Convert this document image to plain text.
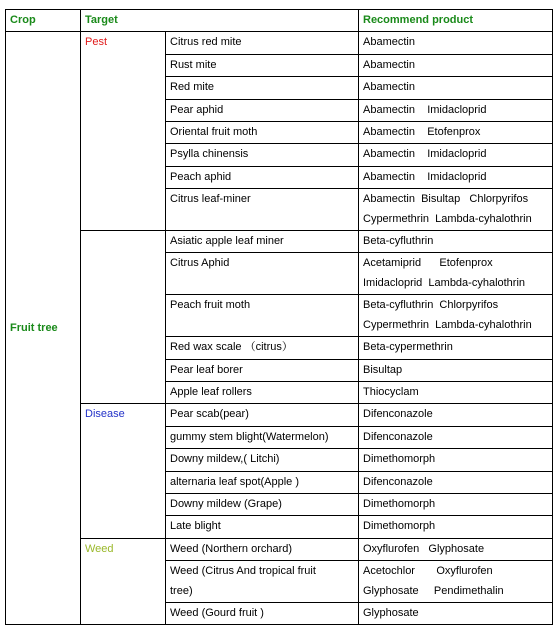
Crop	Target		Recommend product
Fruit tree	Pest	Citrus red mite	Abamectin

		Rust mite	Abamectin

		Red mite	Abamectin

		Pear aphid	Abamectin    Imidacloprid

		Oriental fruit moth	Abamectin    Etofenprox

		Psylla chinensis	Abamectin    Imidacloprid

		Peach aphid	Abamectin    Imidacloprid

		Citrus leaf-miner	Abamectin  Bisultap   Chlorpyrifos
Cypermethrin  Lambda-cyhalothrin

		Asiatic apple leaf miner	Beta-cyfluthrin

		Citrus Aphid	Acetamiprid      Etofenprox
Imidacloprid  Lambda-cyhalothrin

		Peach fruit moth	Beta-cyfluthrin  Chlorpyrifos
Cypermethrin  Lambda-cyhalothrin

		Red wax scale （citrus）	Beta-cypermethrin

		Pear leaf borer	Bisultap

		Apple leaf rollers	Thiocyclam

	Disease	Pear scab(pear)	Difenconazole

		gummy stem blight(Watermelon)	Difenconazole

		Downy mildew,( Litchi)	Dimethomorph

		alternaria leaf spot(Apple )	Difenconazole

		Downy mildew (Grape)	Dimethomorph

		Late blight	Dimethomorph

	Weed	Weed (Northern orchard)	Oxyflurofen   Glyphosate

		Weed (Citrus And tropical fruit
tree)	Acetochlor       Oxyflurofen
Glyphosate     Pendimethalin

		Weed (Gourd fruit )	Glyphosate
